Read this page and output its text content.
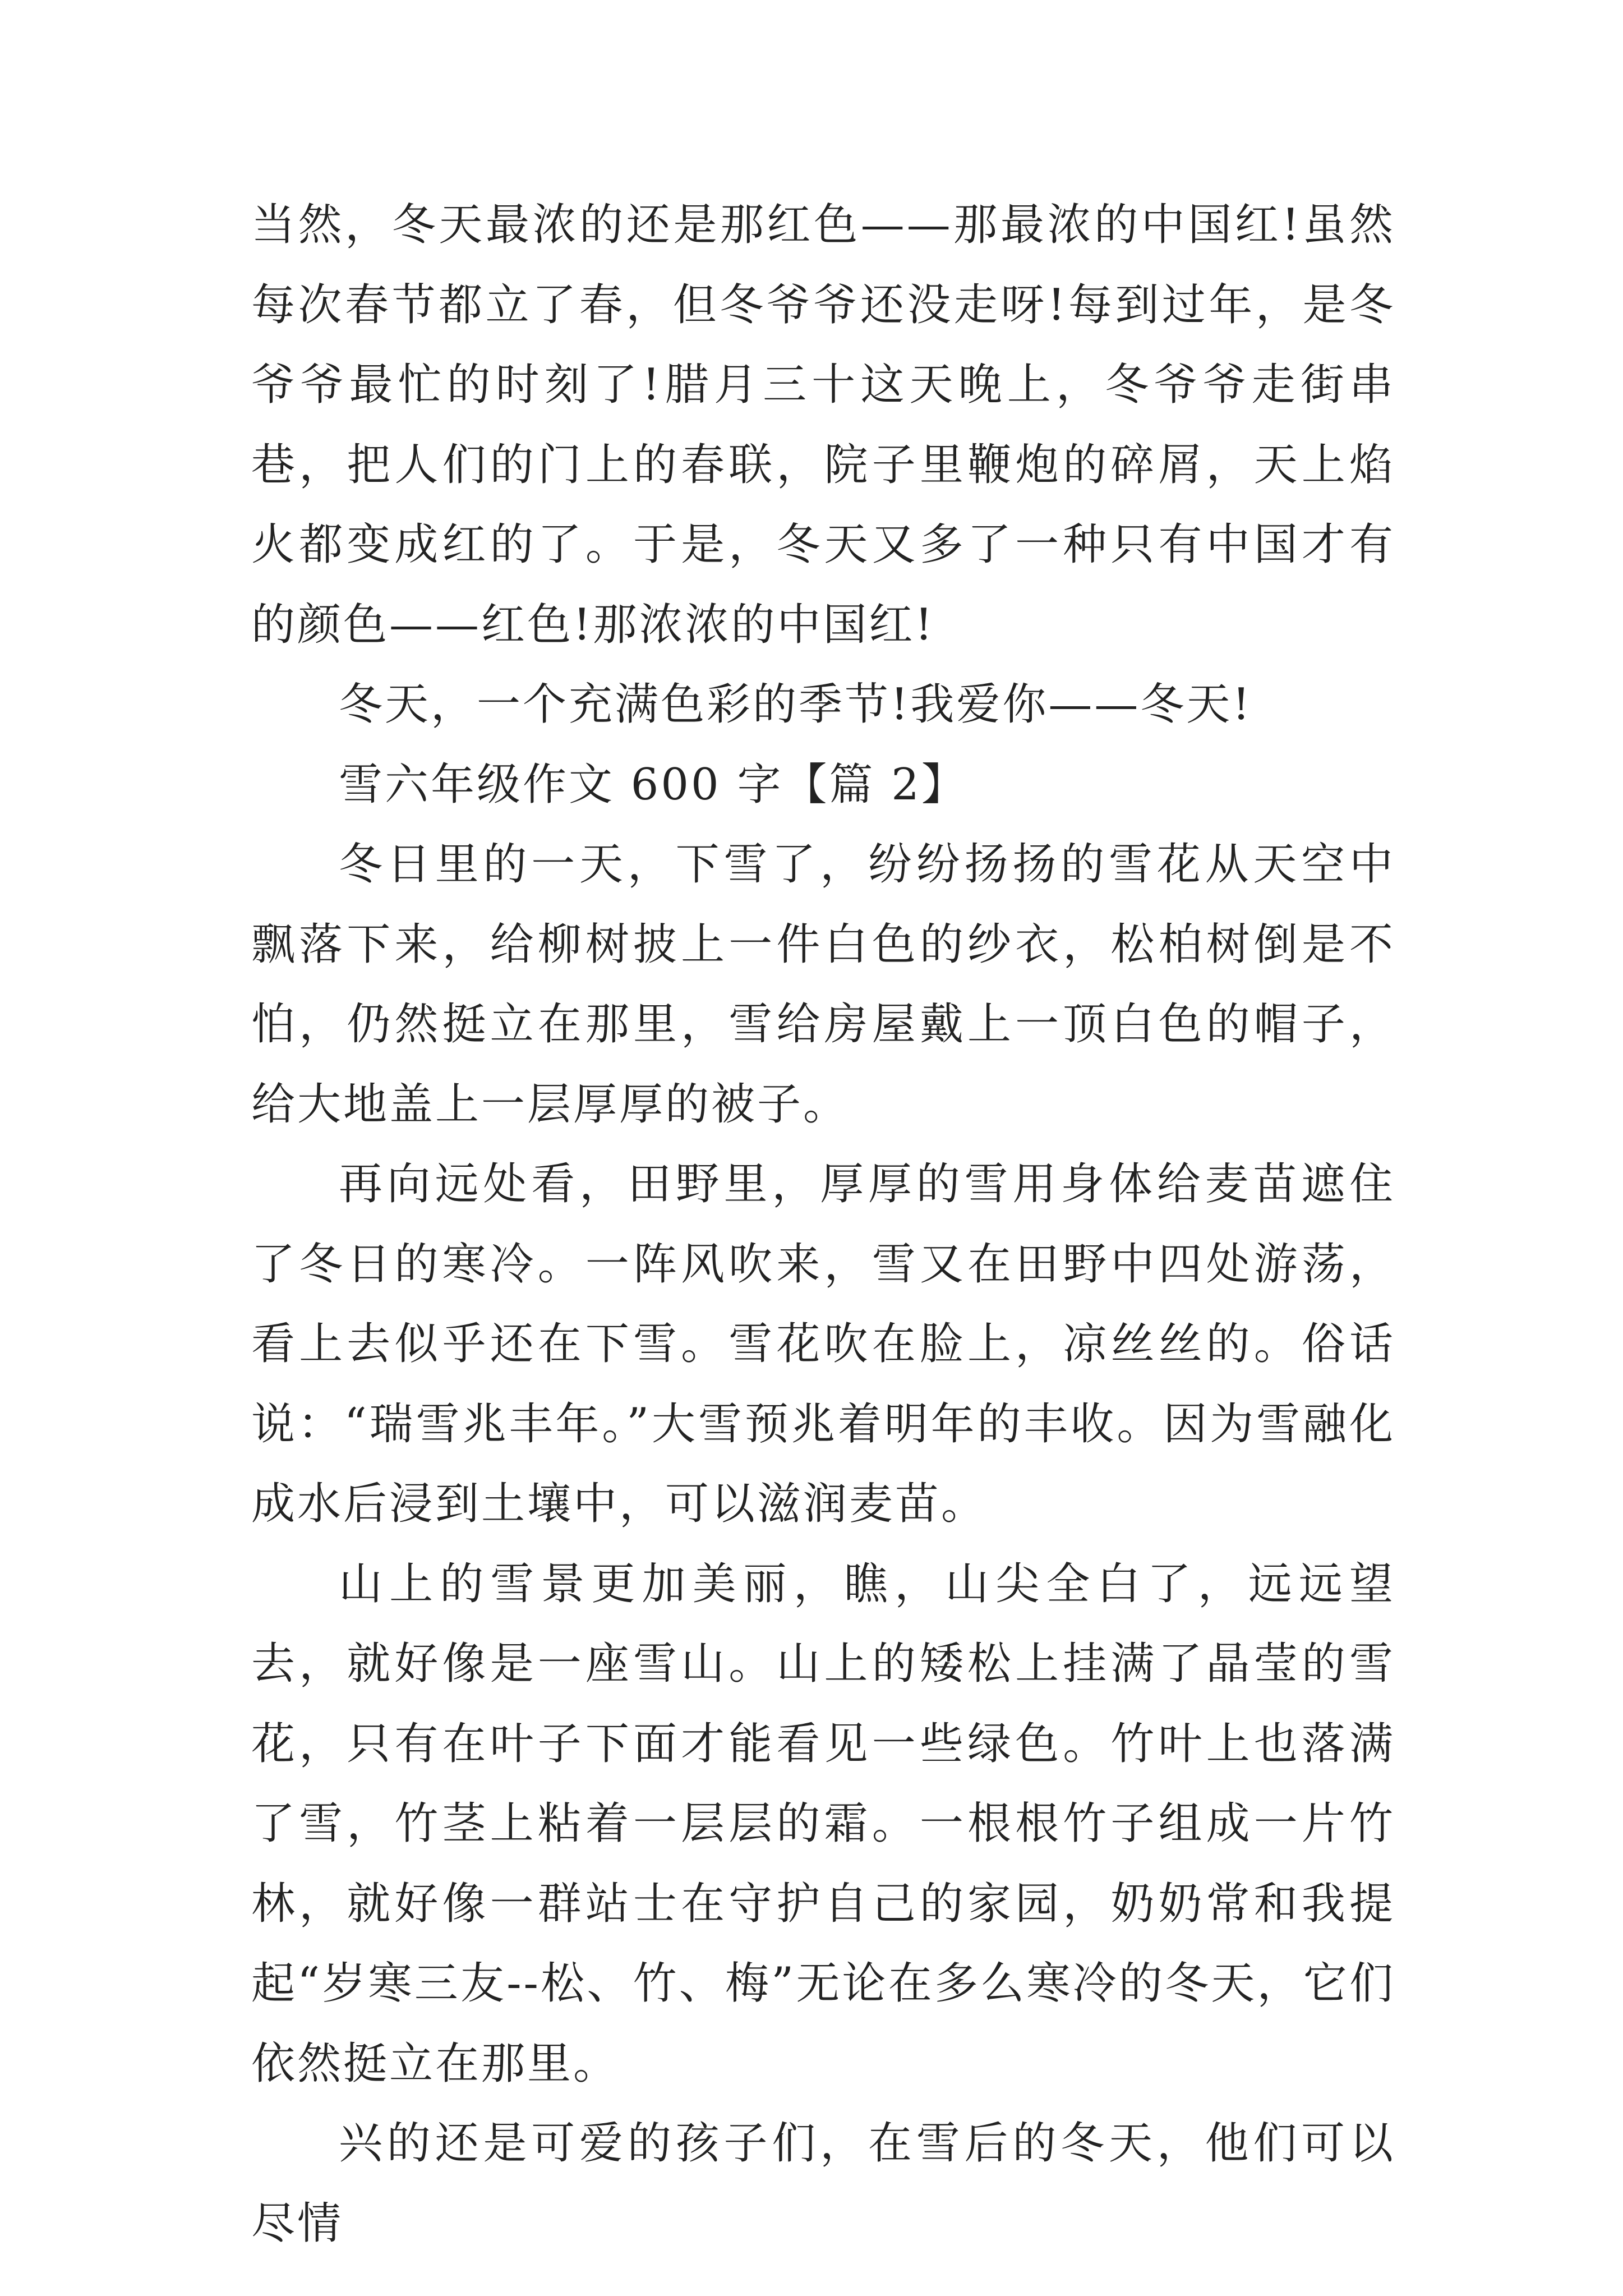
当然，冬天最浓的还是那红色——那最浓的中国红!虽然每次春节都立了春，但冬爷爷还没走呀!每到过年，是冬爷爷最忙的时刻了!腊月三十这天晚上，冬爷爷走街串巷，把人们的门上的春联，院子里鞭炮的碎屑，天上焰火都变成红的了。于是，冬天又多了一种只有中国才有的颜色——红色!那浓浓的中国红!

冬天，一个充满色彩的季节!我爱你——冬天!

雪六年级作文 600 字【篇 2】

冬日里的一天，下雪了，纷纷扬扬的雪花从天空中飘落下来，给柳树披上一件白色的纱衣，松柏树倒是不怕，仍然挺立在那里，雪给房屋戴上一顶白色的帽子，给大地盖上一层厚厚的被子。

再向远处看，田野里，厚厚的雪用身体给麦苗遮住了冬日的寒冷。一阵风吹来，雪又在田野中四处游荡，看上去似乎还在下雪。雪花吹在脸上，凉丝丝的。俗话说：“瑞雪兆丰年。”大雪预兆着明年的丰收。因为雪融化成水后浸到土壤中，可以滋润麦苗。

山上的雪景更加美丽，瞧，山尖全白了，远远望去，就好像是一座雪山。山上的矮松上挂满了晶莹的雪花，只有在叶子下面才能看见一些绿色。竹叶上也落满了雪，竹茎上粘着一层层的霜。一根根竹子组成一片竹林，就好像一群站士在守护自己的家园，奶奶常和我提起“岁寒三友--松、竹、梅”无论在多么寒冷的冬天，它们依然挺立在那里。

兴的还是可爱的孩子们，在雪后的冬天，他们可以尽情
